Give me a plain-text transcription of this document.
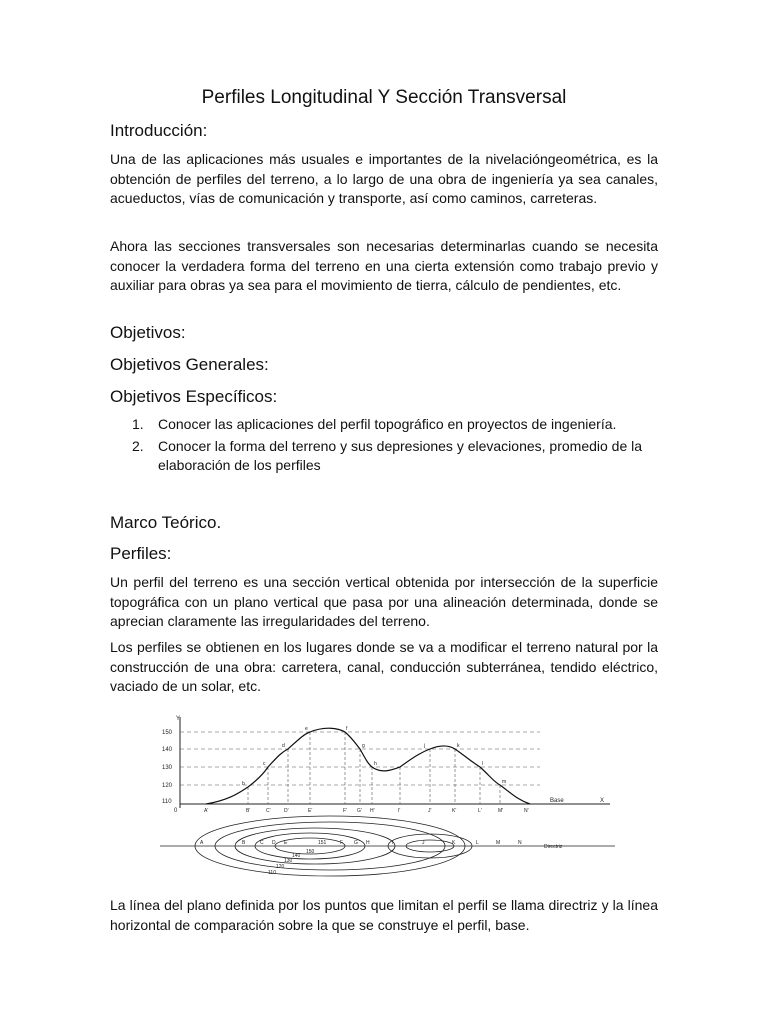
Perfiles Longitudinal Y Sección Transversal
Introducción:

Una de las aplicaciones más usuales e importantes de la nivelacióngeométrica, es la obtención de perfiles del terreno, a lo largo de una obra de ingeniería ya sea canales, acueductos, vías de comunicación y transporte, así como caminos, carreteras.

Ahora las secciones transversales son necesarias determinarlas cuando se necesita conocer la verdadera forma del terreno en una cierta extensión como trabajo previo y auxiliar para obras ya sea para el movimiento de tierra, cálculo de pendientes, etc.

Objetivos:
Objetivos Generales:
Objetivos Específicos:
1. Conocer las aplicaciones del perfil topográfico en proyectos de ingeniería.
2. Conocer la forma del terreno y sus depresiones y elevaciones, promedio de la elaboración de los perfiles
Marco Teórico.
Perfiles:

Un perfil del terreno es una sección vertical obtenida por intersección de la superficie topográfica con un plano vertical que pasa por una alineación determinada, donde se aprecian claramente las irregularidades del terreno.

Los perfiles se obtienen en los lugares donde se va a modificar el terreno natural por la construcción de una obra: carretera, canal, conducción subterránea, tendido eléctrico, vaciado de un solar, etc.

Y
X
Base
0
150
140
130
120
110
b
c
d
e	f
g
h
j	k
l
m
A'	B'	C'	D'	E'	F' G' H'	I'	J'	K'	L'	M'	N'
Directriz
A	B	C D E	F G H	I	J	K	L	M	N
151
150
140
130
120
110

La línea del plano definida por los puntos que limitan el perfil se llama directriz y la línea horizontal de comparación sobre la que se construye el perfil, base.
